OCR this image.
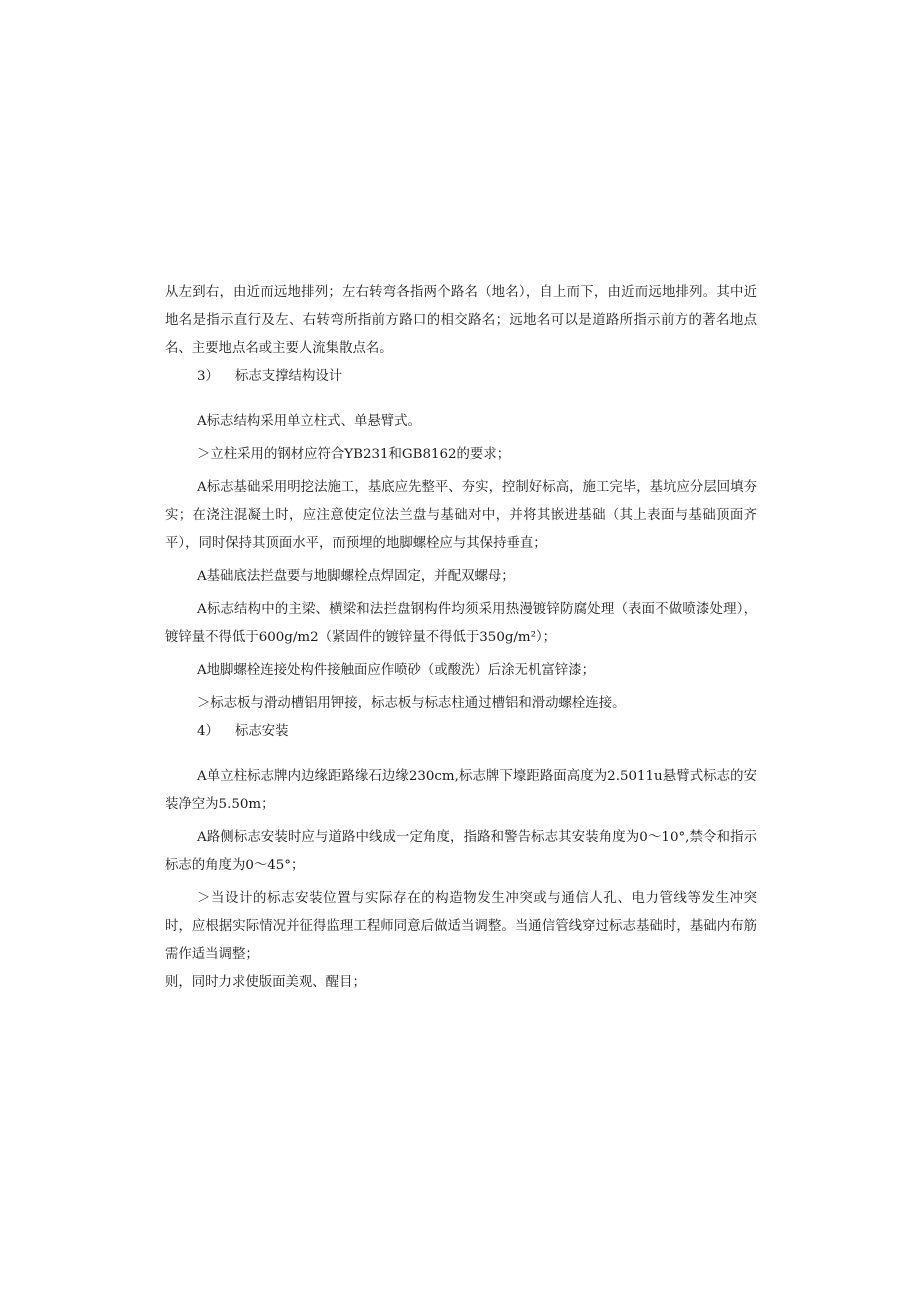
从左到右，由近而远地排列；左右转弯各指两个路名（地名），自上而下，由近而远地排列。其中近地名是指示直行及左、右转弯所指前方路口的相交路名；远地名可以是道路所指示前方的著名地点名、主要地点名或主要人流集散点名。

3） 标志支撑结构设计

A标志结构采用单立柱式、单悬臂式。

＞立柱采用的钢材应符合YB231和GB8162的要求；

A标志基础采用明挖法施工，基底应先整平、夯实，控制好标高，施工完毕，基坑应分层回填夯实；在浇注混凝土时，应注意使定位法兰盘与基础对中，并将其嵌进基础（其上表面与基础顶面齐平），同时保持其顶面水平，而预埋的地脚螺栓应与其保持垂直；

A基础底法拦盘要与地脚螺栓点焊固定，并配双螺母；

A标志结构中的主梁、横梁和法拦盘钢构件均须采用热漫镀锌防腐处理（表面不做喷漆处理），镀锌量不得低于600g/m2（紧固件的镀锌量不得低于350g/m²）；

A地脚螺栓连接处构件接触面应作喷砂（或酸洗）后涂无机富锌漆；

＞标志板与滑动槽铝用钾接，标志板与标志柱通过槽铝和滑动螺栓连接。

4） 标志安装

A单立柱标志牌内边缘距路缘石边缘230cm,标志牌下壕距路面高度为2.5011u悬臂式标志的安装净空为5.50m；

A路侧标志安装时应与道路中线成一定角度，指路和警告标志其安装角度为0～10°,禁令和指示标志的角度为0～45°；

＞当设计的标志安装位置与实际存在的构造物发生冲突或与通信人孔、电力管线等发生冲突时，应根据实际情况并征得监理工程师同意后做适当调整。当通信管线穿过标志基础时，基础内布筋需作适当调整；

则，同时力求使版面美观、醒目；
